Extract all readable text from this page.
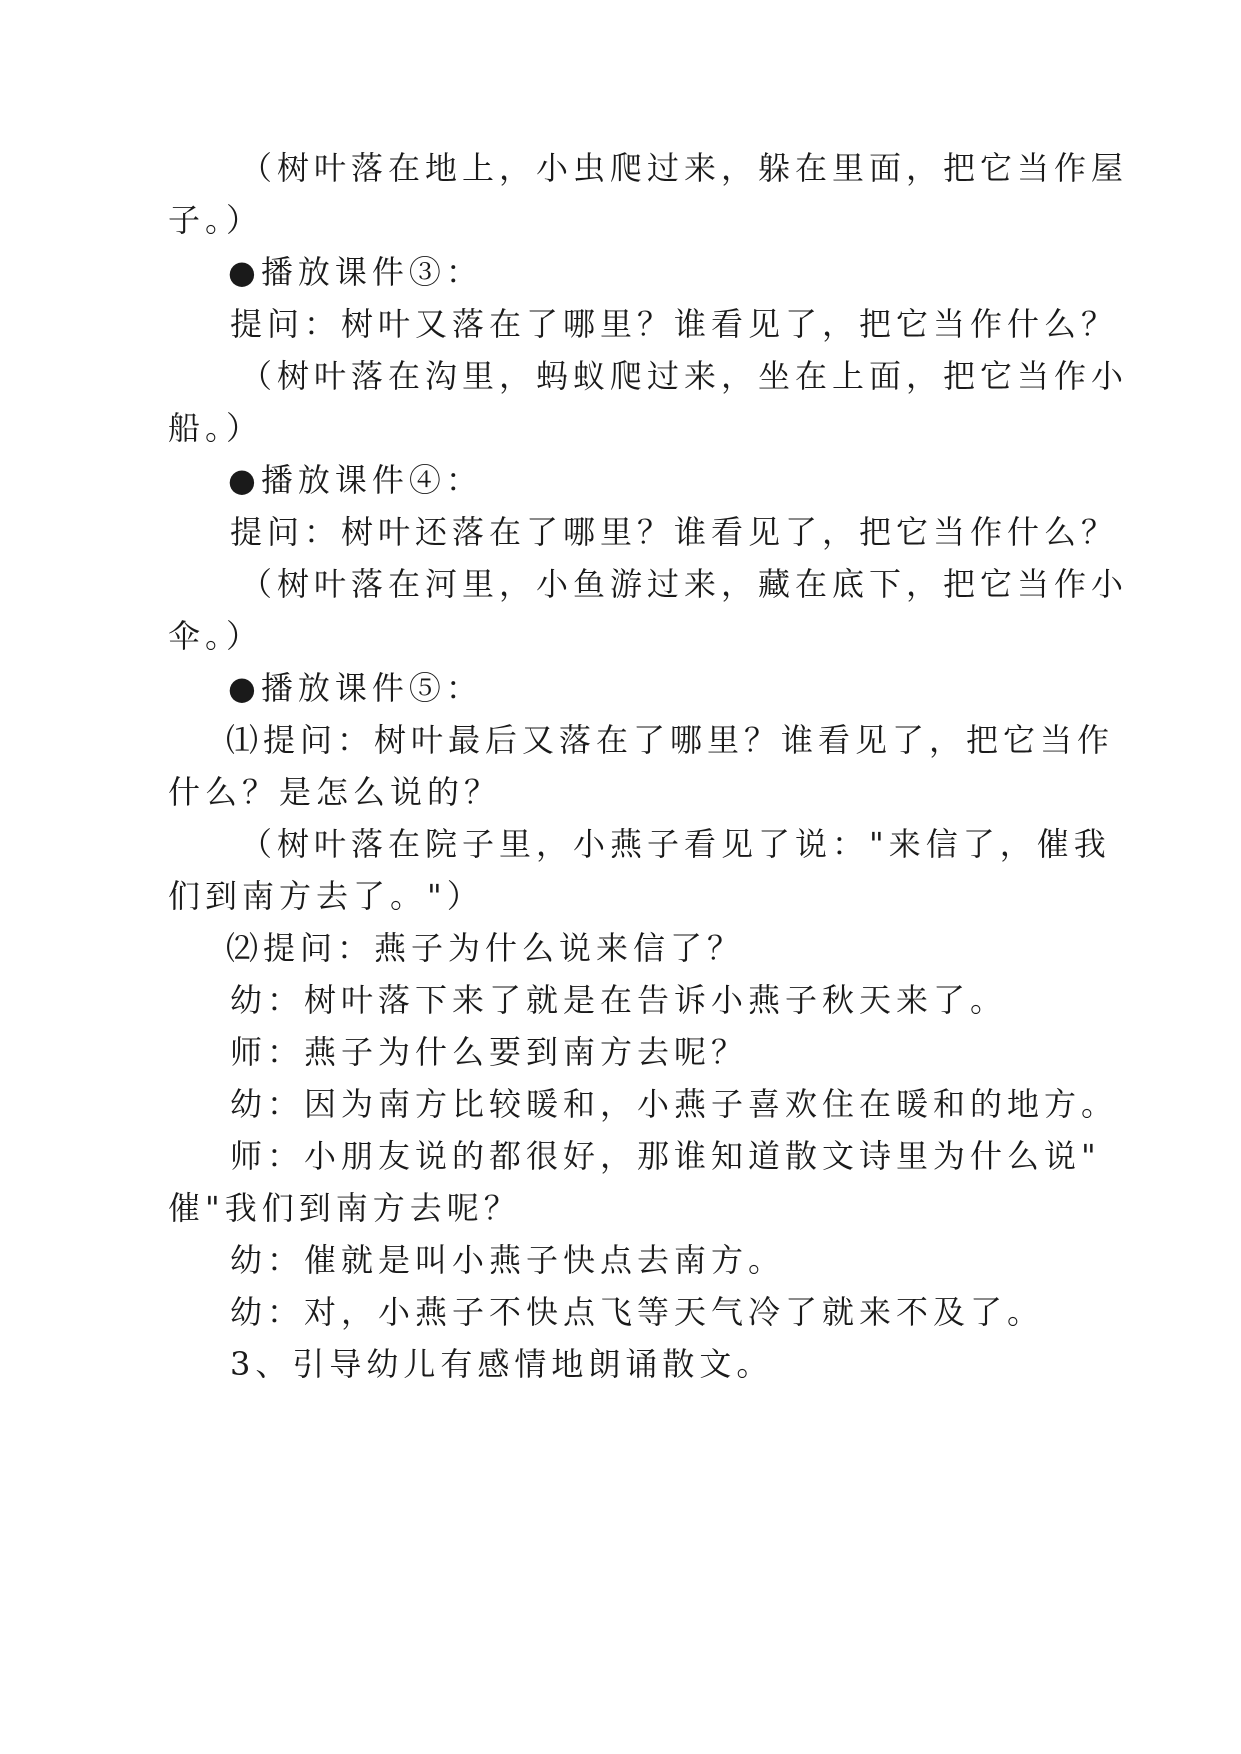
（树叶落在地上，小虫爬过来，躲在里面，把它当作屋
子。）
●播放课件③：
提问：树叶又落在了哪里？谁看见了，把它当作什么？
（树叶落在沟里，蚂蚁爬过来，坐在上面，把它当作小
船。）
●播放课件④：
提问：树叶还落在了哪里？谁看见了，把它当作什么？
（树叶落在河里，小鱼游过来，藏在底下，把它当作小
伞。）
●播放课件⑤：
⑴提问：树叶最后又落在了哪里？谁看见了，把它当作
什么？是怎么说的？
（树叶落在院子里，小燕子看见了说："来信了，催我
们到南方去了。"）
⑵提问：燕子为什么说来信了？
幼：树叶落下来了就是在告诉小燕子秋天来了。
师：燕子为什么要到南方去呢？
幼：因为南方比较暖和，小燕子喜欢住在暖和的地方。
师：小朋友说的都很好，那谁知道散文诗里为什么说"
催"我们到南方去呢？
幼：催就是叫小燕子快点去南方。
幼：对，小燕子不快点飞等天气冷了就来不及了。
3、引导幼儿有感情地朗诵散文。
